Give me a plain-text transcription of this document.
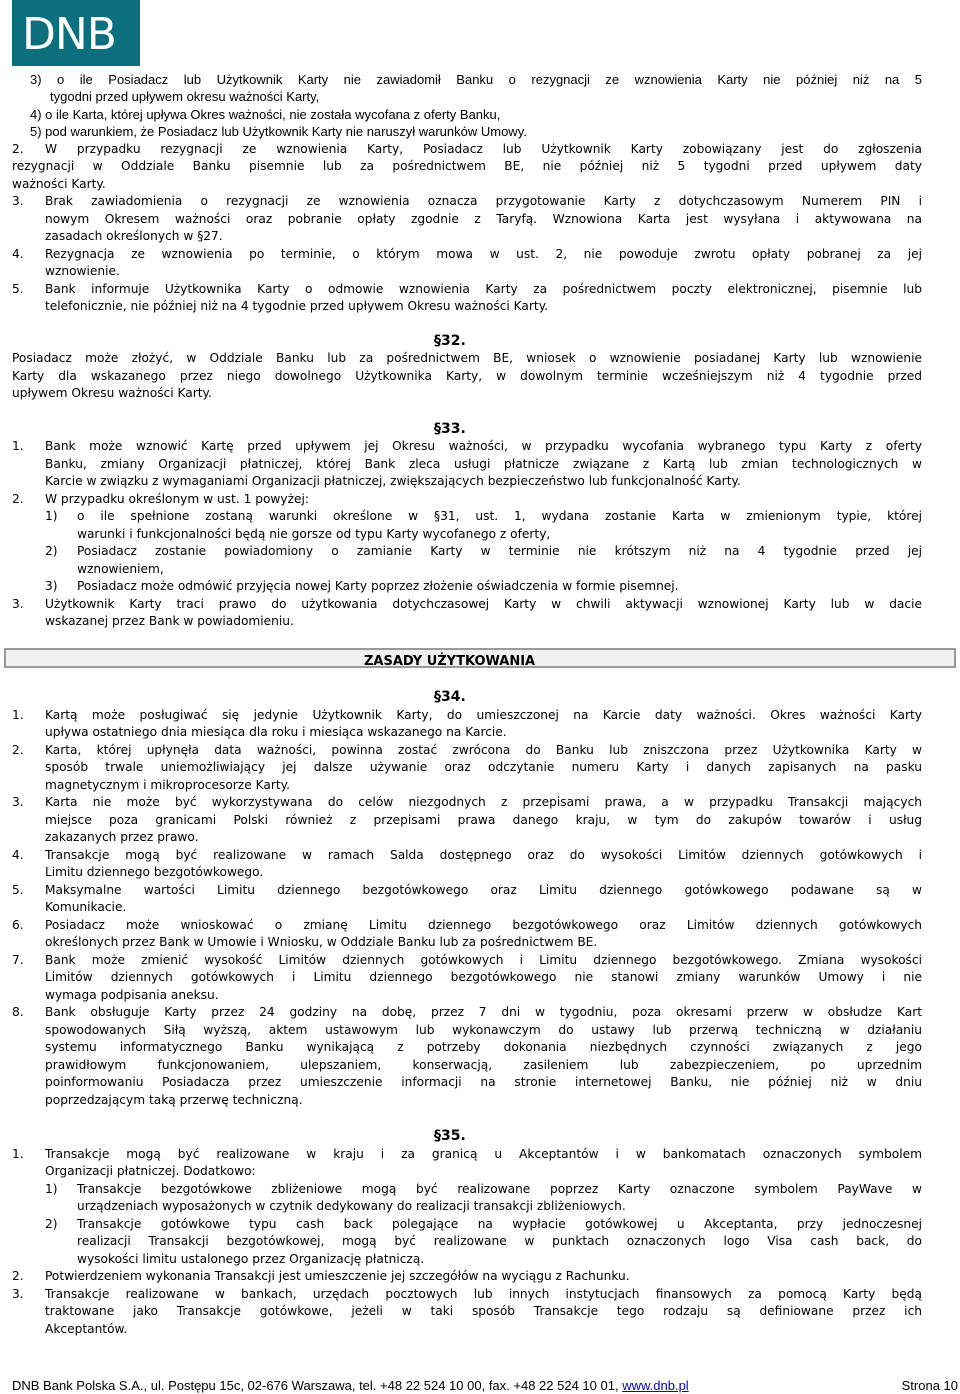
DNB
3) o ile Posiadacz lub Użytkownik Karty nie zawiadomił Banku o rezygnacji ze wznowienia Karty nie później niż na 5
tygodni przed upływem okresu ważności Karty,
4) o ile Karta, której upływa Okres ważności, nie została wycofana z oferty Banku,
5) pod warunkiem, że Posiadacz lub Użytkownik Karty nie naruszył warunków Umowy.
2. W przypadku rezygnacji ze wznowienia Karty, Posiadacz lub Użytkownik Karty zobowiązany jest do zgłoszenia
rezygnacji w Oddziale Banku pisemnie lub za pośrednictwem BE, nie później niż 5 tygodni przed upływem daty
ważności Karty.
3. Brak zawiadomienia o rezygnacji ze wznowienia oznacza przygotowanie Karty z dotychczasowym Numerem PIN i
nowym Okresem ważności oraz pobranie opłaty zgodnie z Taryfą. Wznowiona Karta jest wysyłana i aktywowana na
zasadach określonych w §27.
4. Rezygnacja ze wznowienia po terminie, o którym mowa w ust. 2, nie powoduje zwrotu opłaty pobranej za jej
wznowienie.
5. Bank informuje Użytkownika Karty o odmowie wznowienia Karty za pośrednictwem poczty elektronicznej, pisemnie lub
telefonicznie, nie później niż na 4 tygodnie przed upływem Okresu ważności Karty.
§32.
Posiadacz może złożyć, w Oddziale Banku lub za pośrednictwem BE, wniosek o wznowienie posiadanej Karty lub wznowienie
Karty dla wskazanego przez niego dowolnego Użytkownika Karty, w dowolnym terminie wcześniejszym niż 4 tygodnie przed
upływem Okresu ważności Karty.
§33.
1. Bank może wznowić Kartę przed upływem jej Okresu ważności, w przypadku wycofania wybranego typu Karty z oferty
Banku, zmiany Organizacji płatniczej, której Bank zleca usługi płatnicze związane z Kartą lub zmian technologicznych w
Karcie w związku z wymaganiami Organizacji płatniczej, zwiększających bezpieczeństwo lub funkcjonalność Karty.
2. W przypadku określonym w ust. 1 powyżej:
1) o ile spełnione zostaną warunki określone w §31, ust. 1, wydana zostanie Karta w zmienionym typie, której
warunki i funkcjonalności będą nie gorsze od typu Karty wycofanego z oferty,
2) Posiadacz zostanie powiadomiony o zamianie Karty w terminie nie krótszym niż na 4 tygodnie przed jej
wznowieniem,
3) Posiadacz może odmówić przyjęcia nowej Karty poprzez złożenie oświadczenia w formie pisemnej.
3. Użytkownik Karty traci prawo do użytkowania dotychczasowej Karty w chwili aktywacji wznowionej Karty lub w dacie
wskazanej przez Bank w powiadomieniu.
ZASADY UŻYTKOWANIA
§34.
1. Kartą może posługiwać się jedynie Użytkownik Karty, do umieszczonej na Karcie daty ważności. Okres ważności Karty
upływa ostatniego dnia miesiąca dla roku i miesiąca wskazanego na Karcie.
2. Karta, której upłynęła data ważności, powinna zostać zwrócona do Banku lub zniszczona przez Użytkownika Karty w
sposób trwale uniemożliwiający jej dalsze używanie oraz odczytanie numeru Karty i danych zapisanych na pasku
magnetycznym i mikroprocesorze Karty.
3. Karta nie może być wykorzystywana do celów niezgodnych z przepisami prawa, a w przypadku Transakcji mających
miejsce poza granicami Polski również z przepisami prawa danego kraju, w tym do zakupów towarów i usług
zakazanych przez prawo.
4. Transakcje mogą być realizowane w ramach Salda dostępnego oraz do wysokości Limitów dziennych gotówkowych i
Limitu dziennego bezgotówkowego.
5. Maksymalne wartości Limitu dziennego bezgotówkowego oraz Limitu dziennego gotówkowego podawane są w
Komunikacie.
6. Posiadacz może wnioskować o zmianę Limitu dziennego bezgotówkowego oraz Limitów dziennych gotówkowych
określonych przez Bank w Umowie i Wniosku, w Oddziale Banku lub za pośrednictwem BE.
7. Bank może zmienić wysokość Limitów dziennych gotówkowych i Limitu dziennego bezgotówkowego. Zmiana wysokości
Limitów dziennych gotówkowych i Limitu dziennego bezgotówkowego nie stanowi zmiany warunków Umowy i nie
wymaga podpisania aneksu.
8. Bank obsługuje Karty przez 24 godziny na dobę, przez 7 dni w tygodniu, poza okresami przerw w obsłudze Kart
spowodowanych Siłą wyższą, aktem ustawowym lub wykonawczym do ustawy lub przerwą techniczną w działaniu
systemu informatycznego Banku wynikającą z potrzeby dokonania niezbędnych czynności związanych z jego
prawidłowym funkcjonowaniem, ulepszaniem, konserwacją, zasileniem lub zabezpieczeniem, po uprzednim
poinformowaniu Posiadacza przez umieszczenie informacji na stronie internetowej Banku, nie później niż w dniu
poprzedzającym taką przerwę techniczną.
§35.
1. Transakcje mogą być realizowane w kraju i za granicą u Akceptantów i w bankomatach oznaczonych symbolem
Organizacji płatniczej. Dodatkowo:
1) Transakcje bezgotówkowe zbliżeniowe mogą być realizowane poprzez Karty oznaczone symbolem PayWave w
urządzeniach wyposażonych w czytnik dedykowany do realizacji transakcji zbliżeniowych.
2) Transakcje gotówkowe typu cash back polegające na wypłacie gotówkowej u Akceptanta, przy jednoczesnej
realizacji Transakcji bezgotówkowej, mogą być realizowane w punktach oznaczonych logo Visa cash back, do
wysokości limitu ustalonego przez Organizację płatniczą.
2. Potwierdzeniem wykonania Transakcji jest umieszczenie jej szczegółów na wyciągu z Rachunku.
3. Transakcje realizowane w bankach, urzędach pocztowych lub innych instytucjach finansowych za pomocą Karty będą
traktowane jako Transakcje gotówkowe, jeżeli w taki sposób Transakcje tego rodzaju są definiowane przez ich
Akceptantów.
DNB Bank Polska S.A., ul. Postępu 15c, 02-676 Warszawa, tel. +48 22 524 10 00, fax. +48 22 524 10 01, www.dnb.pl	Strona 10
